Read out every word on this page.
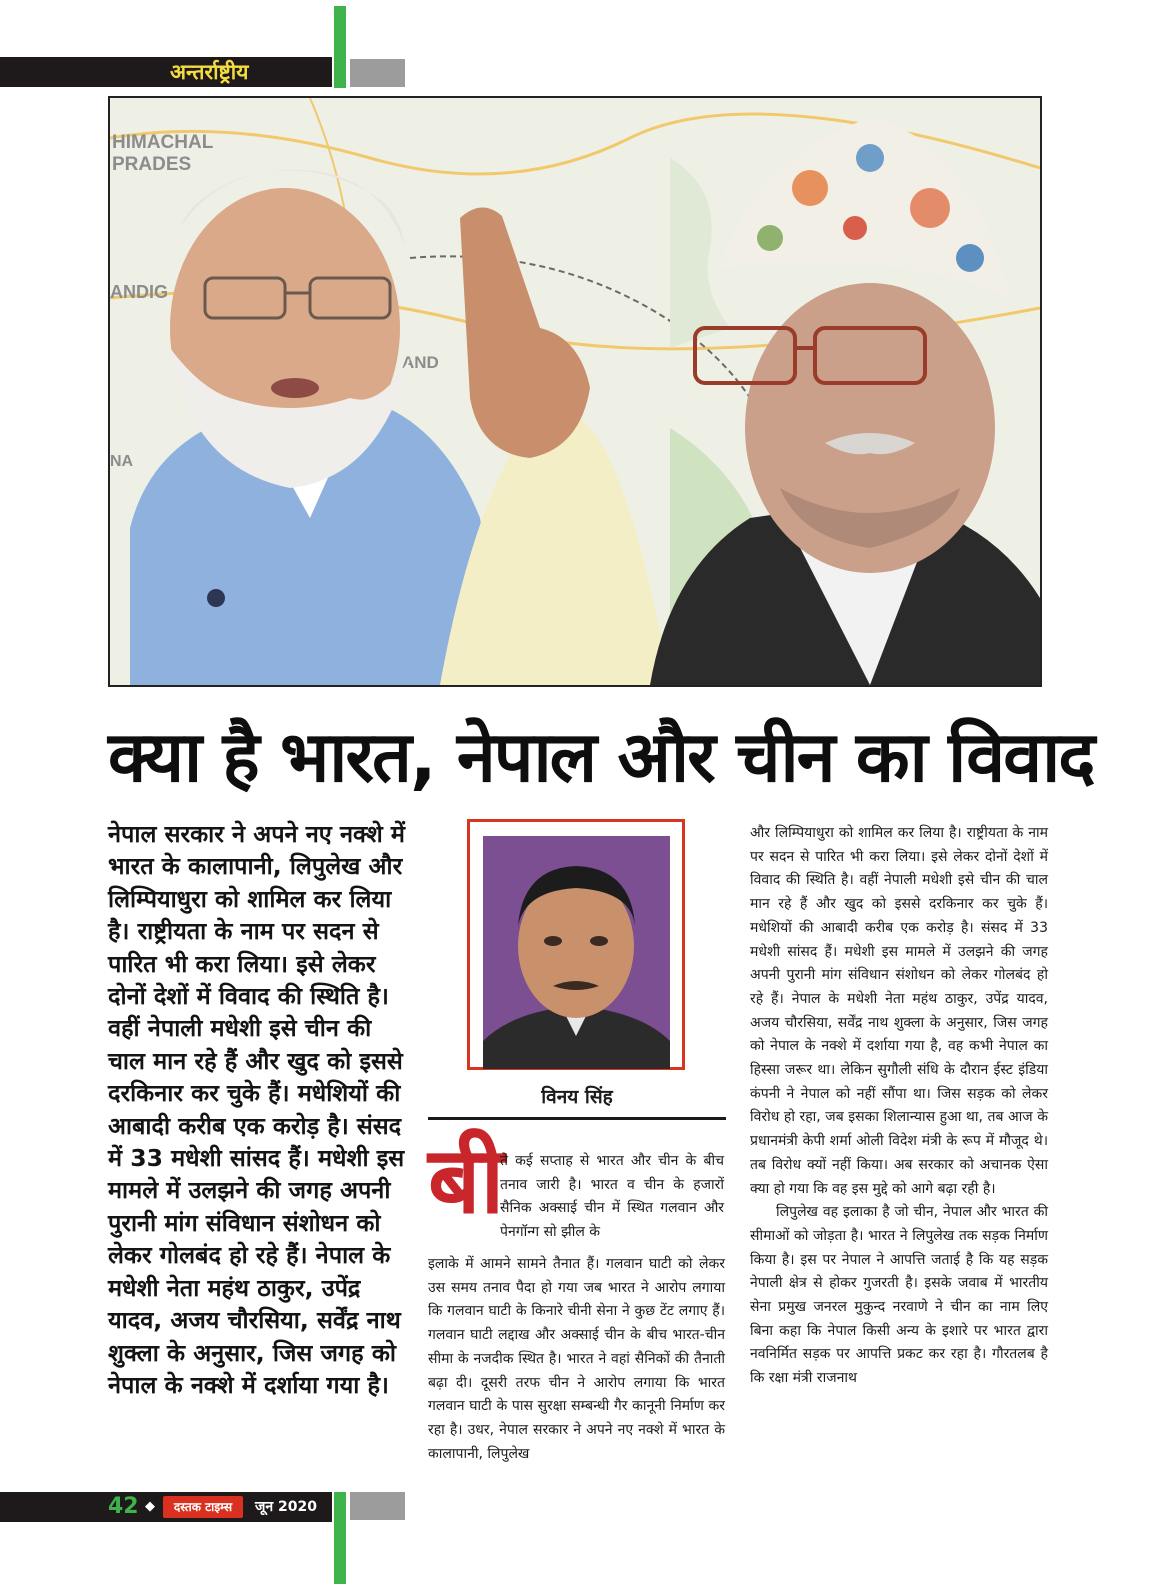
अन्तर्राष्ट्रीय
HIMACHAL
PRADES
ANDIG
AND
NA
क्या है भारत, नेपाल और चीन का विवाद
नेपाल सरकार ने अपने नए नक्शे में भारत के कालापानी, लिपुलेख और लिम्पियाधुरा को शामिल कर लिया है। राष्ट्रीयता के नाम पर सदन से पारित भी करा लिया। इसे लेकर दोनों देशों में विवाद की स्थिति है। वहीं नेपाली मधेशी इसे चीन की चाल मान रहे हैं और खुद को इससे दरकिनार कर चुके हैं। मधेशियों की आबादी करीब एक करोड़ है। संसद में 33 मधेशी सांसद हैं। मधेशी इस मामले में उलझने की जगह अपनी पुरानी मांग संविधान संशोधन को लेकर गोलबंद हो रहे हैं। नेपाल के मधेशी नेता महंथ ठाकुर, उपेंद्र यादव, अजय चौरसिया, सर्वेंद्र नाथ शुक्ला के अनुसार, जिस जगह को नेपाल के नक्शे में दर्शाया गया है।
विनय सिंह
बी
ते कई सप्ताह से भारत और चीन के बीच तनाव जारी है। भारत व चीन के हजारों सैनिक अक्साई चीन में स्थित गलवान और पेनगॉन्ग सो झील के
इलाके में आमने सामने तैनात हैं। गलवान घाटी को लेकर उस समय तनाव पैदा हो गया जब भारत ने आरोप लगाया कि गलवान घाटी के किनारे चीनी सेना ने कुछ टेंट लगाए हैं। गलवान घाटी लद्दाख और अक्साई चीन के बीच भारत-चीन सीमा के नजदीक स्थित है। भारत ने वहां सैनिकों की तैनाती बढ़ा दी। दूसरी तरफ चीन ने आरोप लगाया कि भारत गलवान घाटी के पास सुरक्षा सम्बन्धी गैर कानूनी निर्माण कर रहा है। उधर, नेपाल सरकार ने अपने नए नक्शे में भारत के कालापानी, लिपुलेख
और लिम्पियाधुरा को शामिल कर लिया है। राष्ट्रीयता के नाम पर सदन से पारित भी करा लिया। इसे लेकर दोनों देशों में विवाद की स्थिति है। वहीं नेपाली मधेशी इसे चीन की चाल मान रहे हैं और खुद को इससे दरकिनार कर चुके हैं। मधेशियों की आबादी करीब एक करोड़ है। संसद में 33 मधेशी सांसद हैं। मधेशी इस मामले में उलझने की जगह अपनी पुरानी मांग संविधान संशोधन को लेकर गोलबंद हो रहे हैं। नेपाल के मधेशी नेता महंथ ठाकुर, उपेंद्र यादव, अजय चौरसिया, सर्वेंद्र नाथ शुक्ला के अनुसार, जिस जगह को नेपाल के नक्शे में दर्शाया गया है, वह कभी नेपाल का हिस्सा जरूर था। लेकिन सुगौली संधि के दौरान ईस्ट इंडिया कंपनी ने नेपाल को नहीं सौंपा था। जिस सड़क को लेकर विरोध हो रहा, जब इसका शिलान्यास हुआ था, तब आज के प्रधानमंत्री केपी शर्मा ओली विदेश मंत्री के रूप में मौजूद थे। तब विरोध क्यों नहीं किया। अब सरकार को अचानक ऐसा क्या हो गया कि वह इस मुद्दे को आगे बढ़ा रही है।
लिपुलेख वह इलाका है जो चीन, नेपाल और भारत की सीमाओं को जोड़ता है। भारत ने लिपुलेख तक सड़क निर्माण किया है। इस पर नेपाल ने आपत्ति जताई है कि यह सड़क नेपाली क्षेत्र से होकर गुजरती है। इसके जवाब में भारतीय सेना प्रमुख जनरल मुकुन्द नरवाणे ने चीन का नाम लिए बिना कहा कि नेपाल किसी अन्य के इशारे पर भारत द्वारा नवनिर्मित सड़क पर आपत्ति प्रकट कर रहा है। गौरतलब है कि रक्षा मंत्री राजनाथ
42 ◆	दस्तक टाइम्स	जून 2020
